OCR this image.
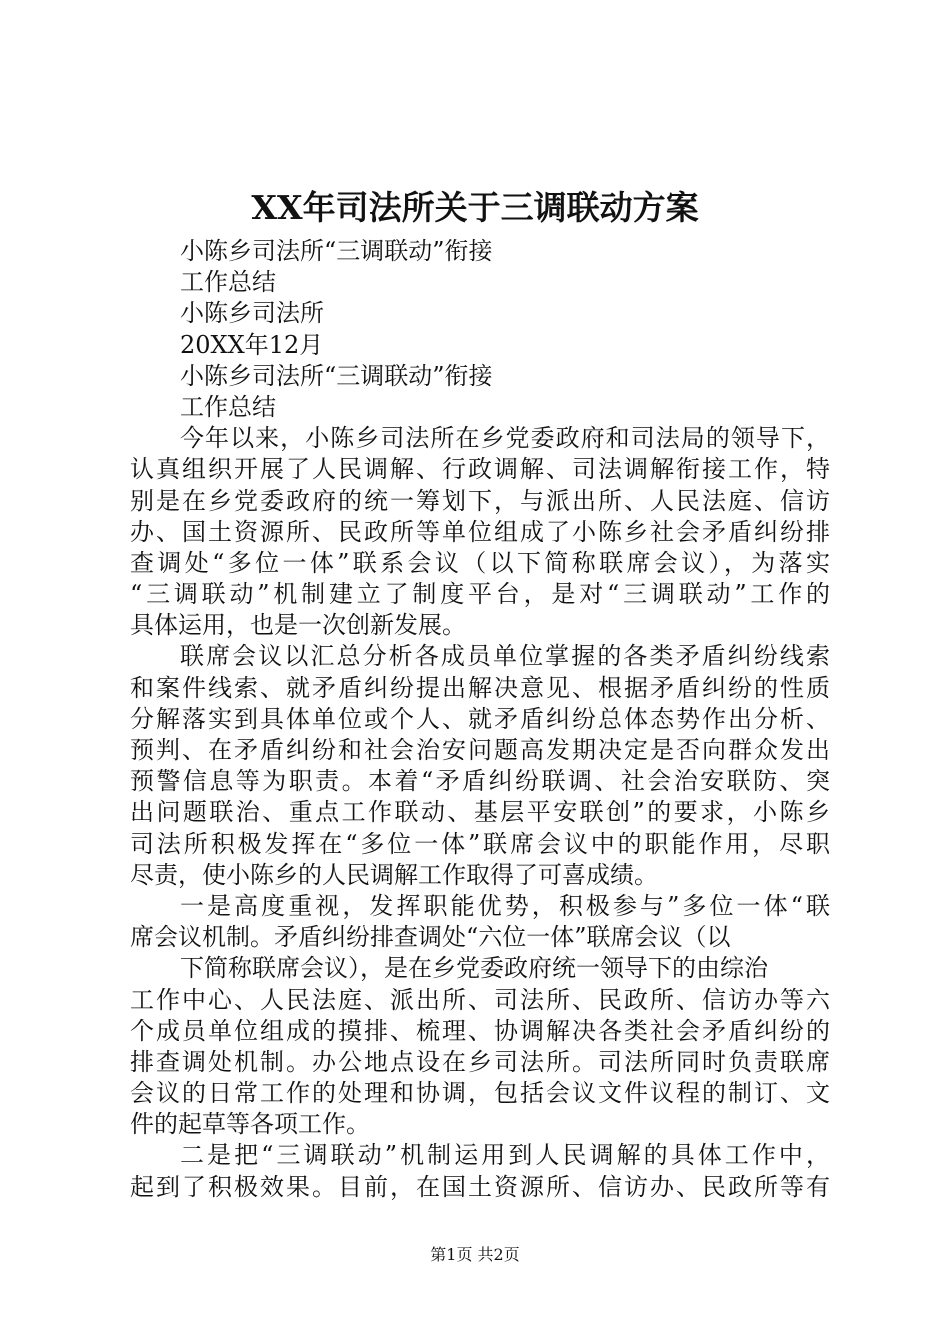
XX年司法所关于三调联动方案
小陈乡司法所“三调联动”衔接
工作总结
小陈乡司法所
20XX年12月
小陈乡司法所“三调联动”衔接
工作总结
今年以来，小陈乡司法所在乡党委政府和司法局的领导下，
认真组织开展了人民调解、行政调解、司法调解衔接工作，特
别是在乡党委政府的统一筹划下，与派出所、人民法庭、信访
办、国土资源所、民政所等单位组成了小陈乡社会矛盾纠纷排
查调处“多位一体”联系会议（以下简称联席会议），为落实
“三调联动”机制建立了制度平台，是对“三调联动”工作的
具体运用，也是一次创新发展。
联席会议以汇总分析各成员单位掌握的各类矛盾纠纷线索
和案件线索、就矛盾纠纷提出解决意见、根据矛盾纠纷的性质
分解落实到具体单位或个人、就矛盾纠纷总体态势作出分析、
预判、在矛盾纠纷和社会治安问题高发期决定是否向群众发出
预警信息等为职责。本着“矛盾纠纷联调、社会治安联防、突
出问题联治、重点工作联动、基层平安联创”的要求，小陈乡
司法所积极发挥在“多位一体”联席会议中的职能作用，尽职
尽责，使小陈乡的人民调解工作取得了可喜成绩。
一是高度重视，发挥职能优势，积极参与”多位一体“联
席会议机制。矛盾纠纷排查调处“六位一体”联席会议（以
下简称联席会议），是在乡党委政府统一领导下的由综治
工作中心、人民法庭、派出所、司法所、民政所、信访办等六
个成员单位组成的摸排、梳理、协调解决各类社会矛盾纠纷的
排查调处机制。办公地点设在乡司法所。司法所同时负责联席
会议的日常工作的处理和协调，包括会议文件议程的制订、文
件的起草等各项工作。
二是把“三调联动”机制运用到人民调解的具体工作中，
起到了积极效果。目前，在国土资源所、信访办、民政所等有
第1页 共2页
